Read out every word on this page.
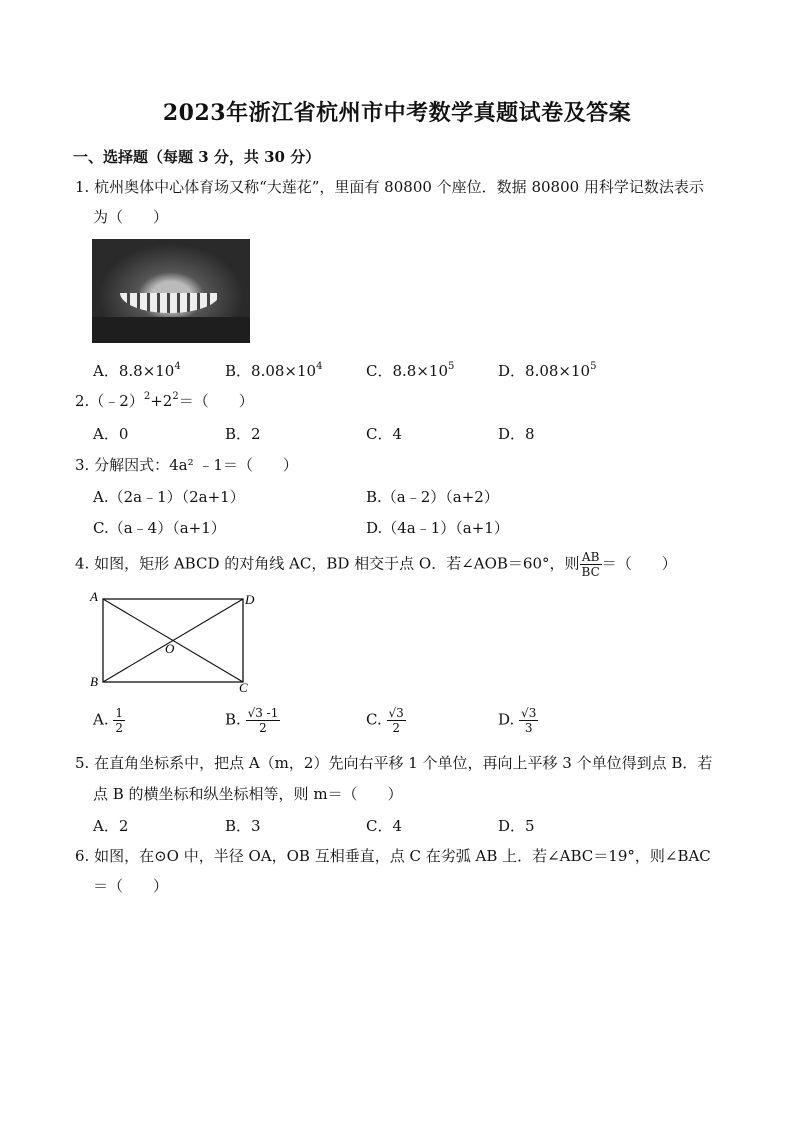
2023年浙江省杭州市中考数学真题试卷及答案
一、选择题（每题 3 分，共 30 分）
1. 杭州奥体中心体育场又称“大莲花”，里面有 80800 个座位．数据 80800 用科学记数法表示
为（　　）
A．$8.8\times 10^4$	B．$8.08\times 10^4$	C．$8.8\times 10^5$	D．$8.08\times 10^5$
$2.(﹣2)^2+2^2=$（　　）
A．0	B．2	C．4	D．8
3. 分解因式：4a² ﹣1＝（　　）
A.（2a﹣1）（2a+1）	B.（a﹣2）（a+2）
C.（a﹣4）（a+1）	D.（4a﹣1）（a+1）
4. 如图，矩形 ABCD 的对角线 AC，BD 相交于点 O．若∠AOB＝60°，则 $\frac{AB}{BC}$ ＝（　　）
A	D
B	C
O
A. $\frac{1}{2}$	B. $\frac{√3 -1}{2}$	C. $\frac{√3}{2}$	D. $\frac{√3}{3}$
5. 在直角坐标系中，把点 A（m，2）先向右平移 1 个单位，再向上平移 3 个单位得到点 B．若
点 B 的横坐标和纵坐标相等，则 m＝（　　）
A．2	B．3	C．4	D．5
6. 如图，在⊙O 中，半径 OA，OB 互相垂直，点 C 在劣弧 AB 上．若∠ABC＝19°，则∠BAC
＝（　　）
